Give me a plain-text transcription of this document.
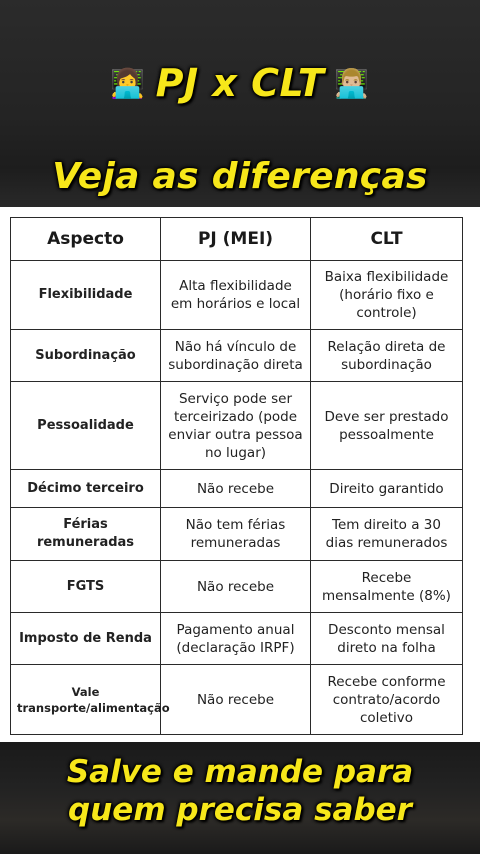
👩‍💻 PJ x CLT 👨🏼‍💻
Veja as diferenças
Aspecto	PJ (MEI)	CLT
Flexibilidade	Alta flexibilidade em horários e local	Baixa flexibilidade (horário fixo e controle)
Subordinação	Não há vínculo de subordinação direta	Relação direta de subordinação
Pessoalidade	Serviço pode ser terceirizado (pode enviar outra pessoa no lugar)	Deve ser prestado pessoalmente
Décimo terceiro	Não recebe	Direito garantido
Férias remuneradas	Não tem férias remuneradas	Tem direito a 30 dias remunerados
FGTS	Não recebe	Recebe mensalmente (8%)
Imposto de Renda	Pagamento anual (declaração IRPF)	Desconto mensal direto na folha
Vale transporte/alimentação	Não recebe	Recebe conforme contrato/acordo coletivo
Salve e mande para
quem precisa saber
